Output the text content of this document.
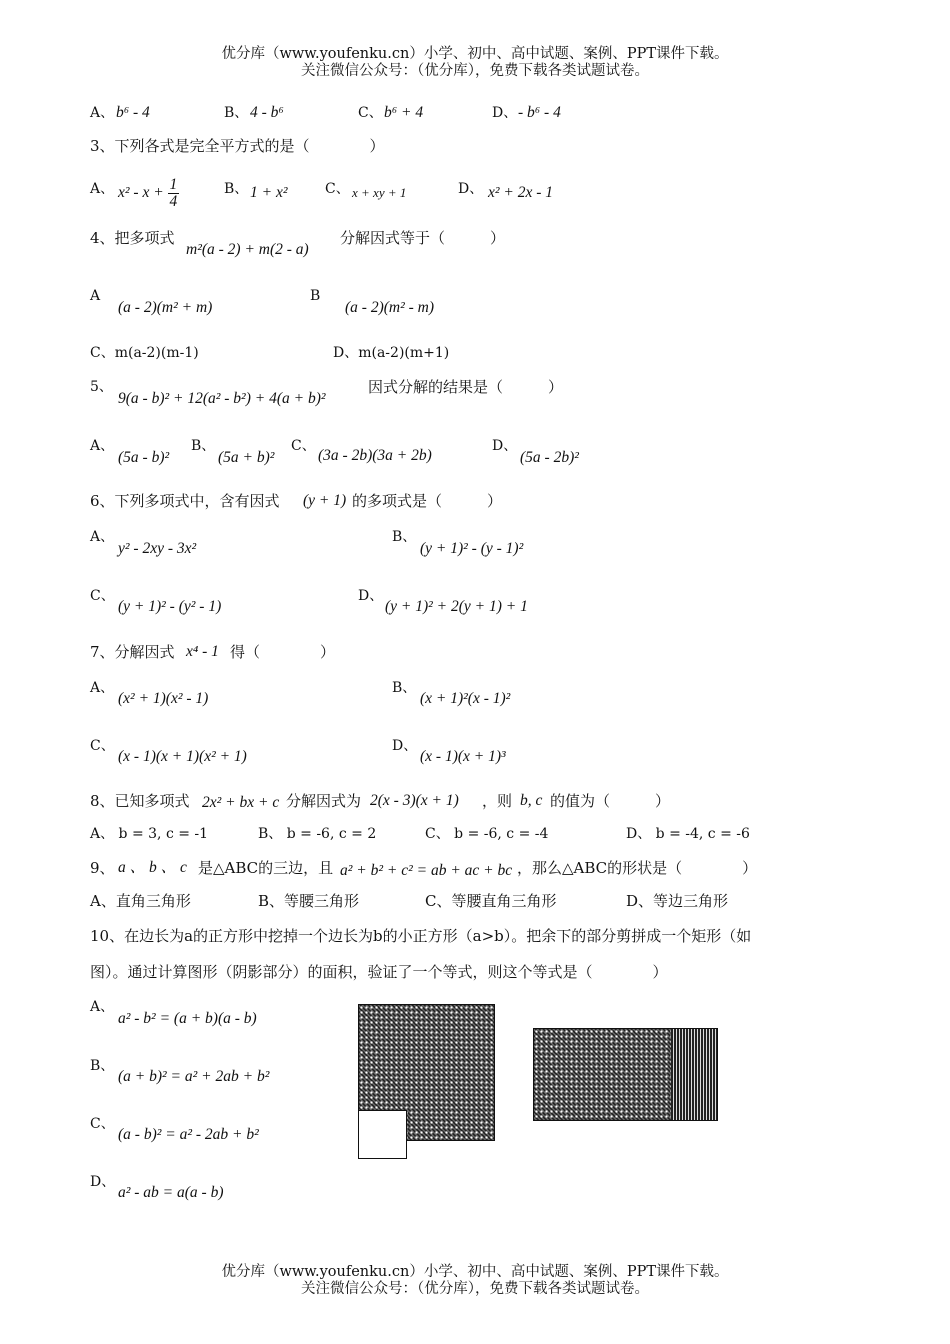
优分库（www.youfenku.cn）小学、初中、高中试题、案例、PPT课件下载。
关注微信公众号：（优分库），免费下载各类试题试卷。
A、 b⁶ - 4	B、 4 - b⁶	C、 b⁶ + 4	D、 - b⁶ - 4
3、下列各式是完全平方式的是（　　　　）
A、 $x^2 - x + \frac{1}{4}$	B、 1 + x²	C、 x + xy + 1	D、 x² + 2x - 1
4、把多项式
m²(a - 2) + m(2 - a)
分解因式等于（　　　）
A
(a - 2)(m² + m)
B
(a - 2)(m² - m)
C、m(a-2)(m-1)	D、m(a-2)(m+1)
5、
9(a - b)² + 12(a² - b²) + 4(a + b)²
因式分解的结果是（　　　）
A、
(5a - b)²
B、
(5a + b)²
C、
(3a - 2b)(3a + 2b)
D、
(5a - 2b)²
6、下列多项式中，含有因式 (y + 1) 的多项式是（　　　）
A、
y² - 2xy - 3x²
B、
(y + 1)² - (y - 1)²
C、
(y + 1)² - (y² - 1)
D、
(y + 1)² + 2(y + 1) + 1
7、分解因式 x⁴ - 1 得（　　　　）
A、
(x² + 1)(x² - 1)
B、
(x + 1)²(x - 1)²
C、
(x - 1)(x + 1)(x² + 1)
D、
(x - 1)(x + 1)³
8、已知多项式 2x² + bx + c 分解因式为 2(x - 3)(x + 1) ，则 b, c 的值为（　　　）
A、 b = 3, c = -1	B、 b = -6, c = 2	C、 b = -6, c = -4	D、 b = -4, c = -6
9、 a 、 b 、 c 是△ABC的三边，且 a² + b² + c² = ab + ac + bc ，那么△ABC的形状是（　　　　）
A、直角三角形	B、等腰三角形	C、等腰直角三角形	D、等边三角形
10、在边长为a的正方形中挖掉一个边长为b的小正方形（a>b）。把余下的部分剪拼成一个矩形（如
图）。通过计算图形（阴影部分）的面积，验证了一个等式，则这个等式是（　　　　）
A、
a² - b² = (a + b)(a - b)
B、
(a + b)² = a² + 2ab + b²
C、
(a - b)² = a² - 2ab + b²
D、
a² - ab = a(a - b)
优分库（www.youfenku.cn）小学、初中、高中试题、案例、PPT课件下载。
关注微信公众号：（优分库），免费下载各类试题试卷。
